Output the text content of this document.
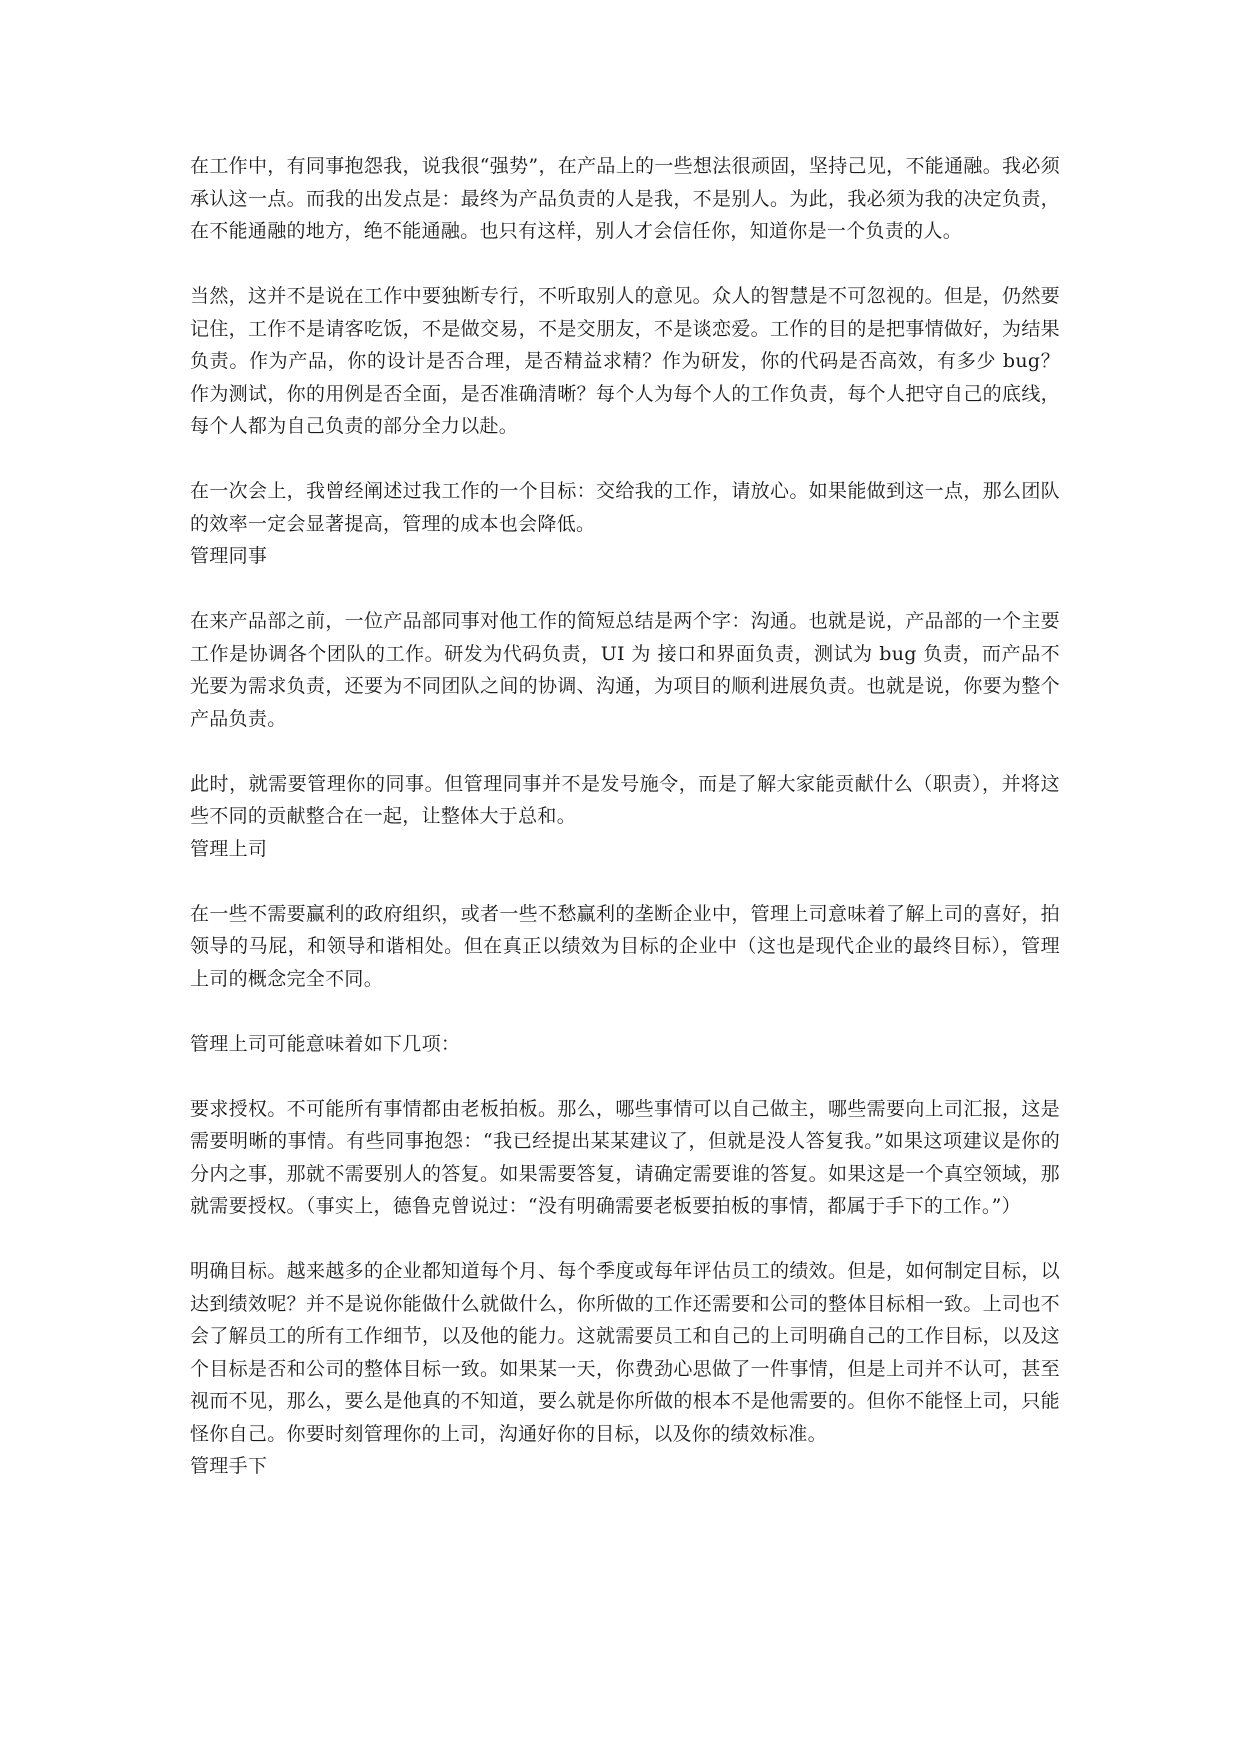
在工作中，有同事抱怨我，说我很“强势”，在产品上的一些想法很顽固，坚持己见，不能通融。我必须承认这一点。而我的出发点是：最终为产品负责的人是我，不是别人。为此，我必须为我的决定负责，在不能通融的地方，绝不能通融。也只有这样，别人才会信任你，知道你是一个负责的人。

当然，这并不是说在工作中要独断专行，不听取别人的意见。众人的智慧是不可忽视的。但是，仍然要记住，工作不是请客吃饭，不是做交易，不是交朋友，不是谈恋爱。工作的目的是把事情做好，为结果负责。作为产品，你的设计是否合理，是否精益求精？作为研发，你的代码是否高效，有多少 bug？作为测试，你的用例是否全面，是否准确清晰？每个人为每个人的工作负责，每个人把守自己的底线，每个人都为自己负责的部分全力以赴。

在一次会上，我曾经阐述过我工作的一个目标：交给我的工作，请放心。如果能做到这一点，那么团队的效率一定会显著提高，管理的成本也会降低。

管理同事

在来产品部之前，一位产品部同事对他工作的简短总结是两个字：沟通。也就是说，产品部的一个主要工作是协调各个团队的工作。研发为代码负责，UI 为 接口和界面负责，测试为 bug 负责，而产品不光要为需求负责，还要为不同团队之间的协调、沟通，为项目的顺利进展负责。也就是说，你要为整个产品负责。

此时，就需要管理你的同事。但管理同事并不是发号施令，而是了解大家能贡献什么（职责），并将这些不同的贡献整合在一起，让整体大于总和。

管理上司

在一些不需要赢利的政府组织，或者一些不愁赢利的垄断企业中，管理上司意味着了解上司的喜好，拍领导的马屁，和领导和谐相处。但在真正以绩效为目标的企业中（这也是现代企业的最终目标），管理上司的概念完全不同。

管理上司可能意味着如下几项：

要求授权。不可能所有事情都由老板拍板。那么，哪些事情可以自己做主，哪些需要向上司汇报，这是需要明晰的事情。有些同事抱怨：“我已经提出某某建议了，但就是没人答复我。”如果这项建议是你的分内之事，那就不需要别人的答复。如果需要答复，请确定需要谁的答复。如果这是一个真空领域，那就需要授权。（事实上，德鲁克曾说过：“没有明确需要老板要拍板的事情，都属于手下的工作。”）

明确目标。越来越多的企业都知道每个月、每个季度或每年评估员工的绩效。但是，如何制定目标，以达到绩效呢？并不是说你能做什么就做什么，你所做的工作还需要和公司的整体目标相一致。上司也不会了解员工的所有工作细节，以及他的能力。这就需要员工和自己的上司明确自己的工作目标，以及这个目标是否和公司的整体目标一致。如果某一天，你费劲心思做了一件事情，但是上司并不认可，甚至视而不见，那么，要么是他真的不知道，要么就是你所做的根本不是他需要的。但你不能怪上司，只能怪你自己。你要时刻管理你的上司，沟通好你的目标，以及你的绩效标准。

管理手下
